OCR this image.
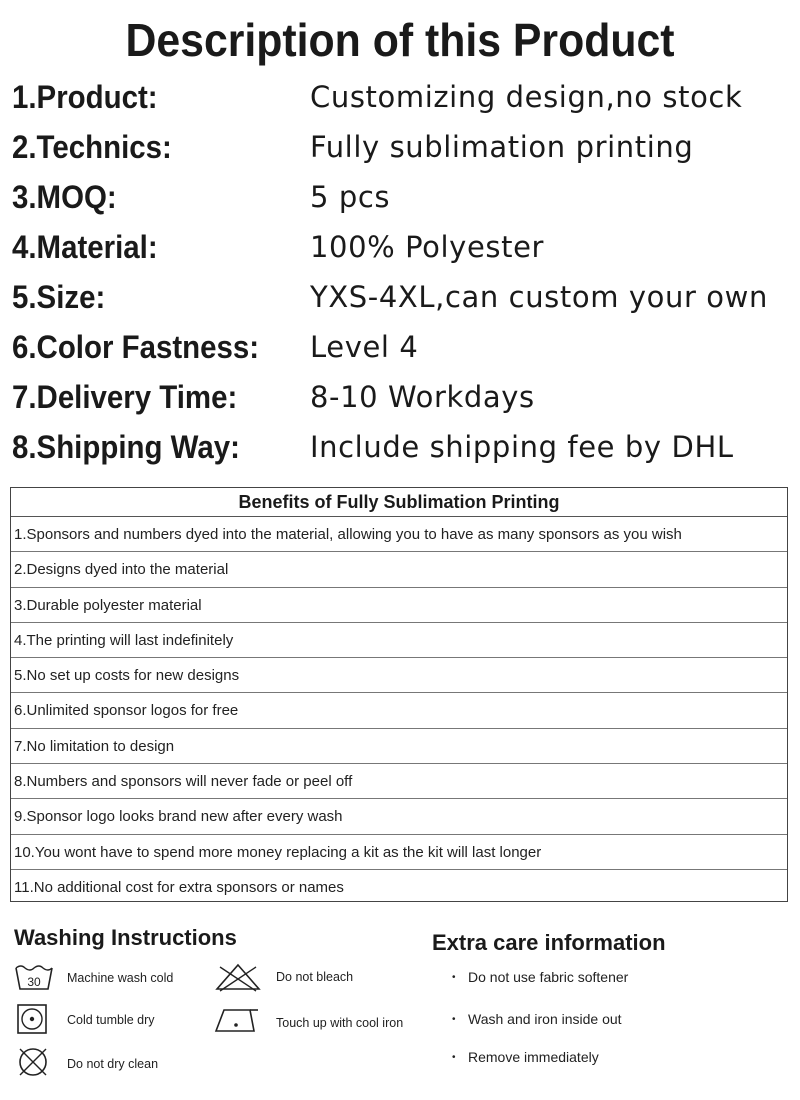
Description of this Product
1.Product:	Customizing design,no stock
2.Technics:	Fully sublimation printing
3.MOQ:	5 pcs
4.Material:	100% Polyester
5.Size:	YXS-4XL,can custom your own
6.Color Fastness: Level 4
7.Delivery Time:	8-10 Workdays
8.Shipping Way: Include shipping fee by DHL
Benefits of Fully Sublimation Printing
1.Sponsors and numbers dyed into the material, allowing you to have as many sponsors as you wish
2.Designs dyed into the material
3.Durable polyester material
4.The printing will last indefinitely
5.No set up costs for new designs
6.Unlimited sponsor logos for free
7.No limitation to design
8.Numbers and sponsors will never fade or peel off
9.Sponsor logo looks brand new after every wash
10.You wont have to spend more money replacing a kit as the kit will last longer
11.No additional cost for extra sponsors or names
Washing Instructions
30 Machine wash cold	Do not bleach
Cold tumble dry	Touch up with cool iron
Do not dry clean
Extra care information
• Do not use fabric softener
• Wash and iron inside out
• Remove immediately
